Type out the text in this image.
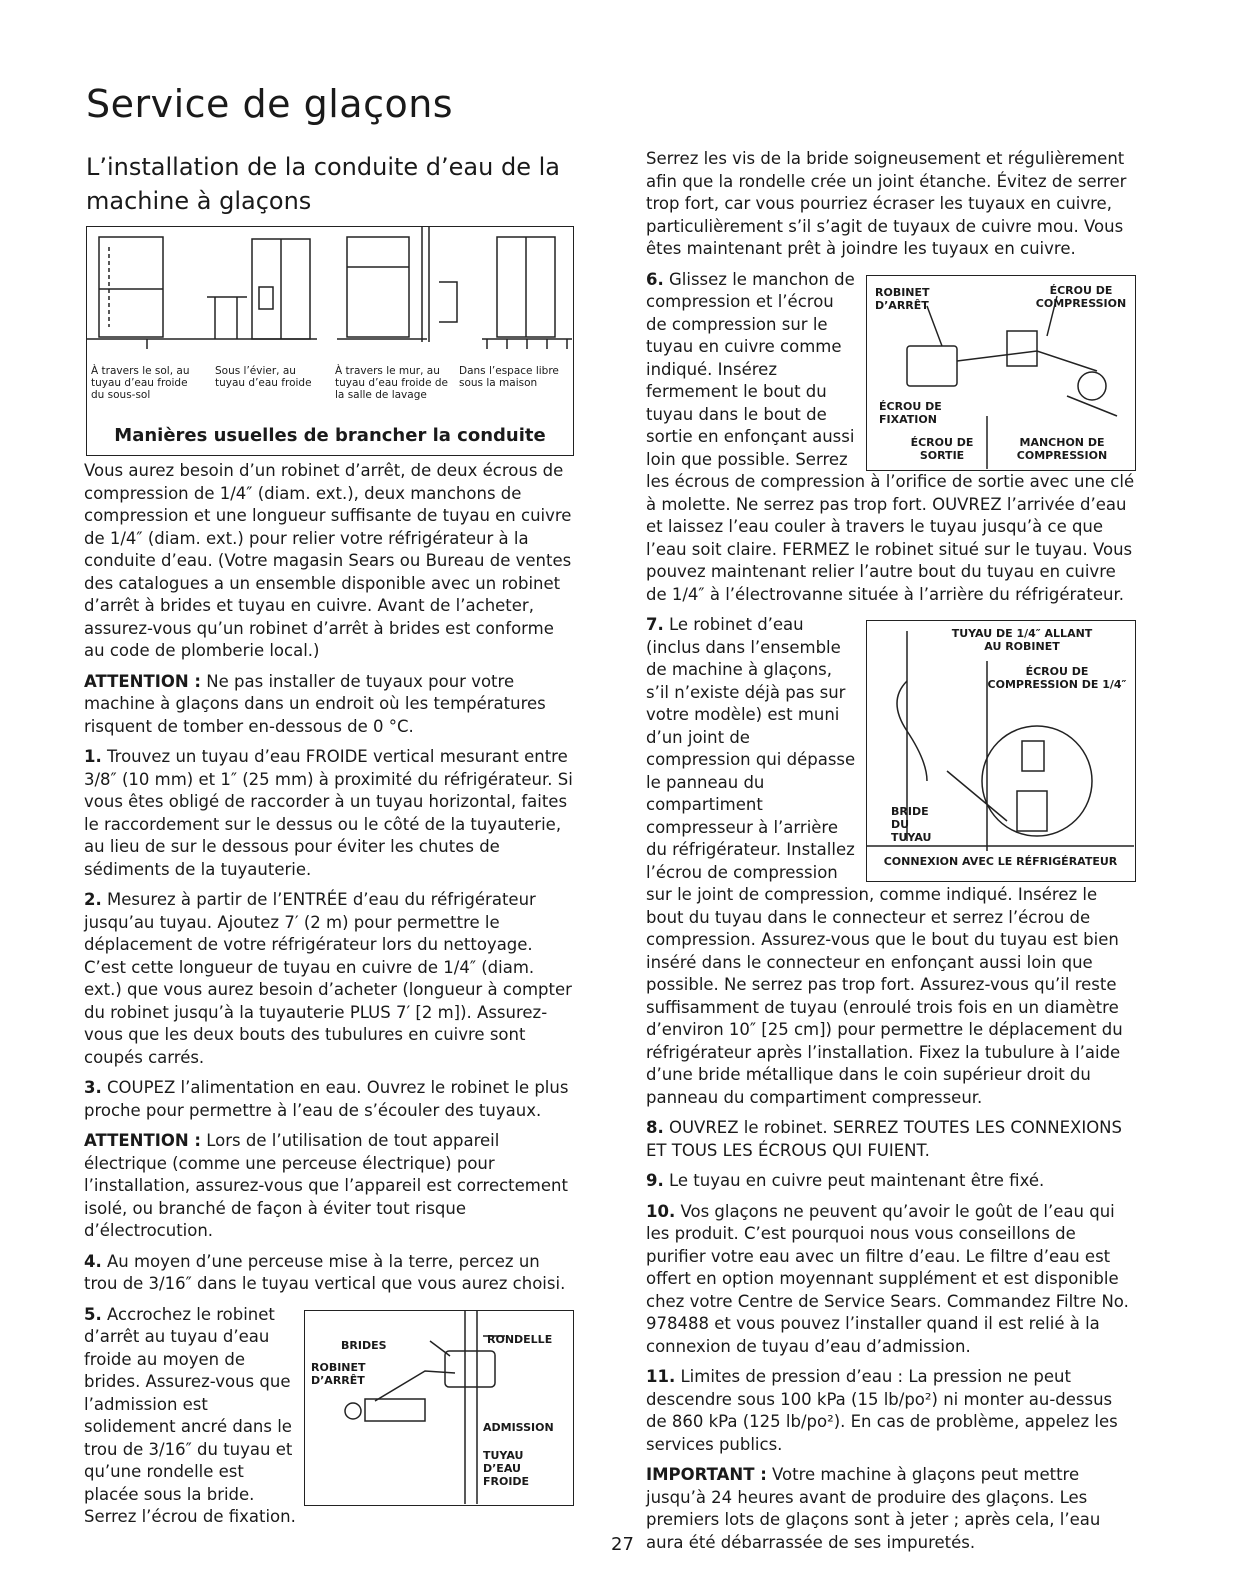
Service de glaçons
L’installation de la conduite d’eau de la machine à glaçons
À travers le sol, au tuyau d’eau froide du sous-sol
Sous l’évier, au tuyau d’eau froide
À travers le mur, au tuyau d’eau froide de la salle de lavage
Dans l’espace libre sous la maison
Manières usuelles de brancher la conduite

Vous aurez besoin d’un robinet d’arrêt, de deux écrous de compression de 1/4″ (diam. ext.), deux manchons de compression et une longueur suffisante de tuyau en cuivre de 1/4″ (diam. ext.) pour relier votre réfrigérateur à la conduite d’eau. (Votre magasin Sears ou Bureau de ventes des catalogues a un ensemble disponible avec un robinet d’arrêt à brides et tuyau en cuivre. Avant de l’acheter, assurez-vous qu’un robinet d’arrêt à brides est conforme au code de plomberie local.)

ATTENTION : Ne pas installer de tuyaux pour votre machine à glaçons dans un endroit où les températures risquent de tomber en-dessous de 0 °C.

1. Trouvez un tuyau d’eau FROIDE vertical mesurant entre 3/8″ (10 mm) et 1″ (25 mm) à proximité du réfrigérateur. Si vous êtes obligé de raccorder à un tuyau horizontal, faites le raccordement sur le dessus ou le côté de la tuyauterie, au lieu de sur le dessous pour éviter les chutes de sédiments de la tuyauterie.

2. Mesurez à partir de l’ENTRÉE d’eau du réfrigérateur jusqu’au tuyau. Ajoutez 7′ (2 m) pour permettre le déplacement de votre réfrigérateur lors du nettoyage. C’est cette longueur de tuyau en cuivre de 1/4″ (diam. ext.) que vous aurez besoin d’acheter (longueur à compter du robinet jusqu’à la tuyauterie PLUS 7′ [2 m]). Assurez-vous que les deux bouts des tubulures en cuivre sont coupés carrés.

3. COUPEZ l’alimentation en eau. Ouvrez le robinet le plus proche pour permettre à l’eau de s’écouler des tuyaux.

ATTENTION : Lors de l’utilisation de tout appareil électrique (comme une perceuse électrique) pour l’installation, assurez-vous que l’appareil est correctement isolé, ou branché de façon à éviter tout risque d’électrocution.

4. Au moyen d’une perceuse mise à la terre, percez un trou de 3/16″ dans le tuyau vertical que vous aurez choisi.

BRIDES	RONDELLE
ROBINET D’ARRÊT
ADMISSION
TUYAU D’EAU FROIDE

5. Accrochez le robinet d’arrêt au tuyau d’eau froide au moyen de brides. Assurez-vous que l’admission est solidement ancré dans le trou de 3/16″ du tuyau et qu’une rondelle est placée sous la bride. Serrez l’écrou de fixation.

Serrez les vis de la bride soigneusement et régulièrement afin que la rondelle crée un joint étanche. Évitez de serrer trop fort, car vous pourriez écraser les tuyaux en cuivre, particulièrement s’il s’agit de tuyaux de cuivre mou. Vous êtes maintenant prêt à joindre les tuyaux en cuivre.

ROBINET D’ARRÊT
ÉCROU DE COMPRESSION
ÉCROU DE FIXATION
ÉCROU DE SORTIE
MANCHON DE COMPRESSION

6. Glissez le manchon de compression et l’écrou de compression sur le tuyau en cuivre comme indiqué. Insérez fermement le bout du tuyau dans le bout de sortie en enfonçant aussi loin que possible. Serrez les écrous de compression à l’orifice de sortie avec une clé à molette. Ne serrez pas trop fort. OUVREZ l’arrivée d’eau et laissez l’eau couler à travers le tuyau jusqu’à ce que l’eau soit claire. FERMEZ le robinet situé sur le tuyau. Vous pouvez maintenant relier l’autre bout du tuyau en cuivre de 1/4″ à l’électrovanne située à l’arrière du réfrigérateur.

TUYAU DE 1/4″ ALLANT AU ROBINET
ÉCROU DE COMPRESSION DE 1/4″
BRIDE DU TUYAU
CONNEXION AVEC LE RÉFRIGÉRATEUR

7. Le robinet d’eau (inclus dans l’ensemble de machine à glaçons, s’il n’existe déjà pas sur votre modèle) est muni d’un joint de compression qui dépasse le panneau du compartiment compresseur à l’arrière du réfrigérateur. Installez l’écrou de compression sur le joint de compression, comme indiqué. Insérez le bout du tuyau dans le connecteur et serrez l’écrou de compression. Assurez-vous que le bout du tuyau est bien inséré dans le connecteur en enfonçant aussi loin que possible. Ne serrez pas trop fort. Assurez-vous qu’il reste suffisamment de tuyau (enroulé trois fois en un diamètre d’environ 10″ [25 cm]) pour permettre le déplacement du réfrigérateur après l’installation. Fixez la tubulure à l’aide d’une bride métallique dans le coin supérieur droit du panneau du compartiment compresseur.

8. OUVREZ le robinet. SERREZ TOUTES LES CONNEXIONS ET TOUS LES ÉCROUS QUI FUIENT.

9. Le tuyau en cuivre peut maintenant être fixé.

10. Vos glaçons ne peuvent qu’avoir le goût de l’eau qui les produit. C’est pourquoi nous vous conseillons de purifier votre eau avec un filtre d’eau. Le filtre d’eau est offert en option moyennant supplément et est disponible chez votre Centre de Service Sears. Commandez Filtre No. 978488 et vous pouvez l’installer quand il est relié à la connexion de tuyau d’eau d’admission.

11. Limites de pression d’eau : La pression ne peut descendre sous 100 kPa (15 lb/po²) ni monter au-dessus de 860 kPa (125 lb/po²). En cas de problème, appelez les services publics.

IMPORTANT : Votre machine à glaçons peut mettre jusqu’à 24 heures avant de produire des glaçons. Les premiers lots de glaçons sont à jeter ; après cela, l’eau aura été débarrassée de ses impuretés.

27
